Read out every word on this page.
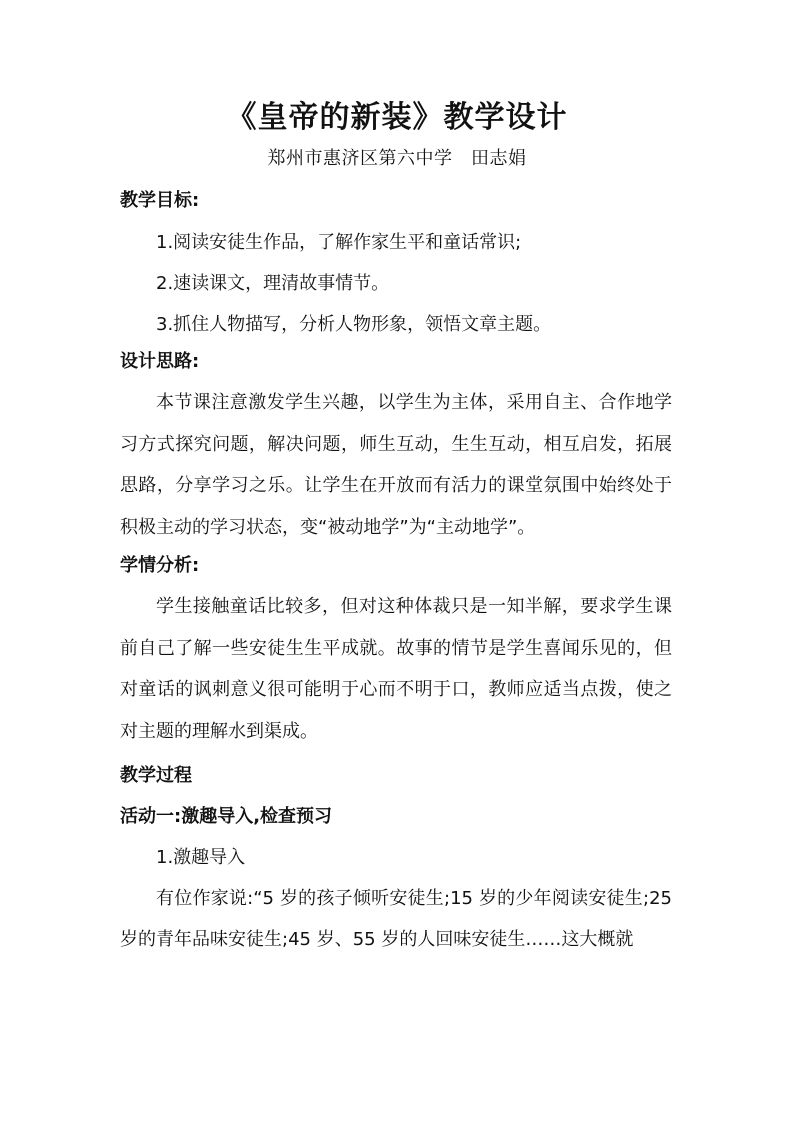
《皇帝的新装》教学设计
郑州市惠济区第六中学　田志娟
教学目标:
1.阅读安徒生作品，了解作家生平和童话常识;
2.速读课文，理清故事情节。
3.抓住人物描写，分析人物形象，领悟文章主题。
设计思路:

本节课注意激发学生兴趣，以学生为主体，采用自主、合作地学习方式探究问题，解决问题，师生互动，生生互动，相互启发，拓展思路，分享学习之乐。让学生在开放而有活力的课堂氛围中始终处于积极主动的学习状态，变“被动地学”为“主动地学”。

学情分析:

学生接触童话比较多，但对这种体裁只是一知半解，要求学生课前自己了解一些安徒生生平成就。故事的情节是学生喜闻乐见的，但对童话的讽刺意义很可能明于心而不明于口，教师应适当点拨，使之对主题的理解水到渠成。

教学过程
活动一:激趣导入,检查预习
1.激趣导入

有位作家说:“5 岁的孩子倾听安徒生;15 岁的少年阅读安徒生;25 岁的青年品味安徒生;45 岁、55 岁的人回味安徒生……这大概就
